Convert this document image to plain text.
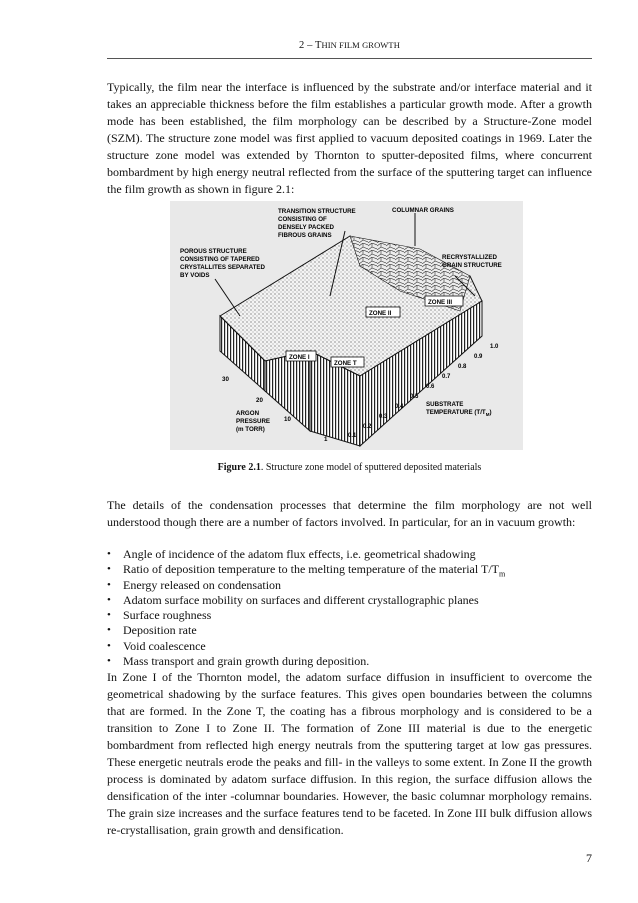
2 – THIN FILM GROWTH

Typically, the film near the interface is influenced by the substrate and/or interface material and it takes an appreciable thickness before the film establishes a particular growth mode. After a growth mode has been established, the film morphology can be described by a Structure-Zone model (SZM). The structure zone model was first applied to vacuum deposited coatings in 1969. Later the structure zone model was extended by Thornton to sputter-deposited films, where concurrent bombardment by high energy neutral reflected from the surface of the sputtering target can influence the film growth as shown in figure 2.1:

TRANSITION STRUCTURE
CONSISTING OF
DENSELY PACKED
FIBROUS GRAINS
COLUMNAR GRAINS
POROUS STRUCTURE
CONSISTING OF TAPERED
CRYSTALLITES SEPARATED
BY VOIDS
RECRYSTALLIZED
GRAIN STRUCTURE
ZONE I
ZONE T
ZONE II
ZONE III
30
20
10
1
ARGON
PRESSURE
(m TORR)
0.1
0.2
0.3
0.4
0.5
0.6
0.7
0.8
0.9
1.0
SUBSTRATE
TEMPERATURE $(T/T_M)$
Figure 2.1. Structure zone model of sputtered deposited materials

The details of the condensation processes that determine the film morphology are not well understood though there are a number of factors involved. In particular, for an in vacuum growth:

• Angle of incidence of the adatom flux effects, i.e. geometrical shadowing
• Ratio of deposition temperature to the melting temperature of the material $T/T_m$
• Energy released on condensation
• Adatom surface mobility on surfaces and different crystallographic planes
• Surface roughness
• Deposition rate
• Void coalescence
• Mass transport and grain growth during deposition.

In Zone I of the Thornton model, the adatom surface diffusion in insufficient to overcome the geometrical shadowing by the surface features. This gives open boundaries between the columns that are formed. In the Zone T, the coating has a fibrous morphology and is considered to be a transition to Zone I to Zone II. The formation of Zone III material is due to the energetic bombardment from reflected high energy neutrals from the sputtering target at low gas pressures. These energetic neutrals erode the peaks and fill- in the valleys to some extent. In Zone II the growth process is dominated by adatom surface diffusion. In this region, the surface diffusion allows the densification of the inter -columnar boundaries. However, the basic columnar morphology remains. The grain size increases and the surface features tend to be faceted. In Zone III bulk diffusion allows re-crystallisation, grain growth and densification.

7
